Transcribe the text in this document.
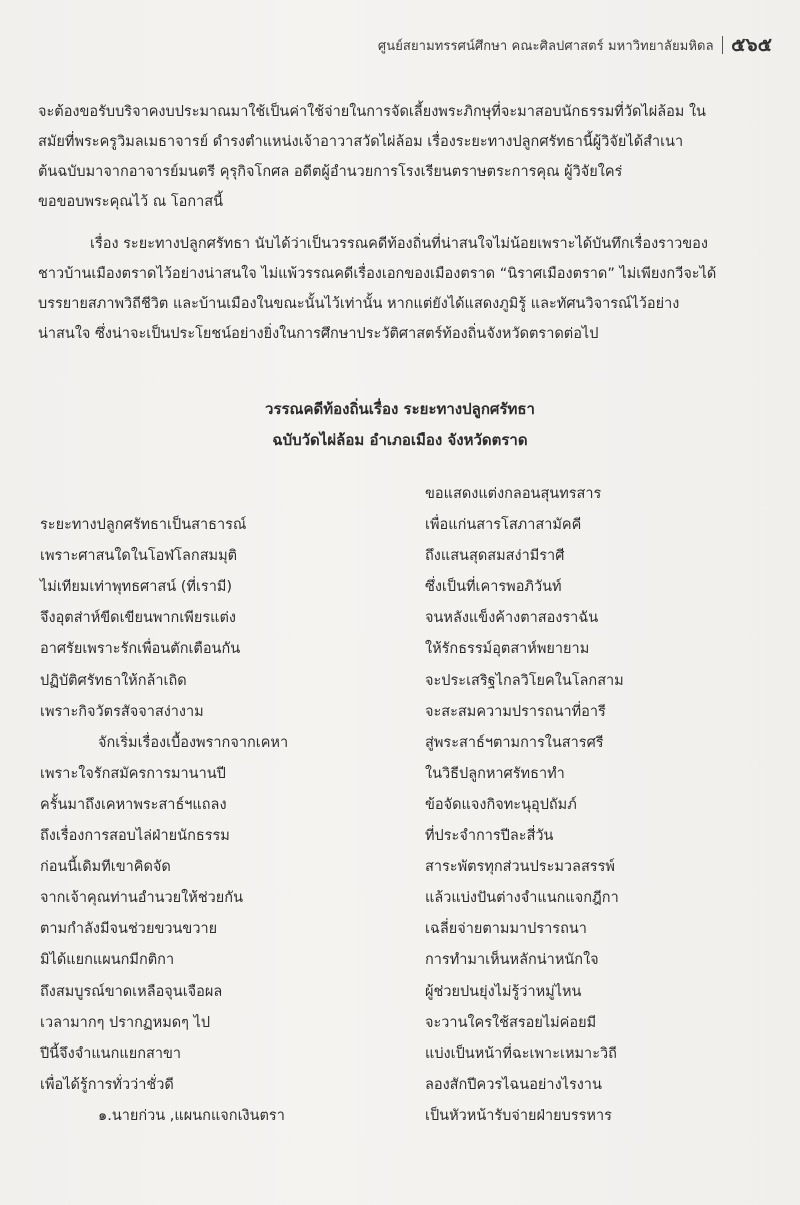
ศูนย์สยามทรรศน์ศึกษา คณะศิลปศาสตร์ มหาวิทยาลัยมหิดล ๕๖๕
จะต้องขอรับบริจาคงบประมาณมาใช้เป็นค่าใช้จ่ายในการจัดเลี้ยงพระภิกษุที่จะมาสอบนักธรรมที่วัดไผ่ล้อม ใน
สมัยที่พระครูวิมลเมธาจารย์ ดำรงตำแหน่งเจ้าอาวาสวัดไผ่ล้อม เรื่องระยะทางปลูกศรัทธานี้ผู้วิจัยได้สำเนา
ต้นฉบับมาจากอาจารย์มนตรี คุรุกิจโกศล อดีตผู้อำนวยการโรงเรียนตราษตระการคุณ ผู้วิจัยใคร่
ขอขอบพระคุณไว้ ณ โอกาสนี้
เรื่อง ระยะทางปลูกศรัทธา นับได้ว่าเป็นวรรณคดีท้องถิ่นที่น่าสนใจไม่น้อยเพราะได้บันทึกเรื่องราวของ
ชาวบ้านเมืองตราดไว้อย่างน่าสนใจ ไม่แพ้วรรณคดีเรื่องเอกของเมืองตราด “นิราศเมืองตราด” ไม่เพียงกวีจะได้
บรรยายสภาพวิถีชีวิต และบ้านเมืองในขณะนั้นไว้เท่านั้น หากแต่ยังได้แสดงภูมิรู้ และทัศนวิจารณ์ไว้อย่าง
น่าสนใจ ซึ่งน่าจะเป็นประโยชน์อย่างยิ่งในการศึกษาประวัติศาสตร์ท้องถิ่นจังหวัดตราดต่อไป
วรรณคดีท้องถิ่นเรื่อง ระยะทางปลูกศรัทธา
ฉบับวัดไผ่ล้อม อำเภอเมือง จังหวัดตราด
ขอแสดงแต่งกลอนสุนทรสาร
ระยะทางปลูกศรัทธาเป็นสาธารณ์	เพื่อแก่นสารโสภาสามัคคี
เพราะศาสนใดในโอฬโลกสมมุติ	ถึงแสนสุดสมสง่ามีราศี
ไม่เทียมเท่าพุทธศาสน์ (ที่เรามี)	ซึ่งเป็นที่เคารพอภิวันท์
จึงอุตส่าห์ขีดเขียนพากเพียรแต่ง	จนหลังแข็งค้างตาสองราฉัน
อาศรัยเพราะรักเพื่อนตักเตือนกัน	ให้รักธรรม์อุตสาห์พยายาม
ปฏิบัติศรัทธาให้กล้าเถิด	จะประเสริฐไกลวิโยคในโลกสาม
เพราะกิจวัตรสัจจาสง่างาม	จะสะสมความปรารถนาที่อารี
จักเริ่มเรื่องเบื้องพรากจากเคหา	สู่พระสาธ์ฯตามการในสารศรี
เพราะใจรักสมัครการมานานปี	ในวิธีปลูกหาศรัทธาทำ
ครั้นมาถึงเคหาพระสาธ์ฯแถลง	ข้อจัดแจงกิจทะนุอุปถัมภ์
ถึงเรื่องการสอบไล่ฝ่ายนักธรรม	ที่ประจำการปีละสี่วัน
ก่อนนี้เดิมทีเขาคิดจัด	สาระพัตรทุกส่วนประมวลสรรพ์
จากเจ้าคุณท่านอำนวยให้ช่วยกัน	แล้วแบ่งปันต่างจำแนกแจกฎีกา
ตามกำลังมีจนช่วยขวนขวาย	เฉลี่ยจ่ายตามมาปรารถนา
มิได้แยกแผนกมีกติกา	การทำมาเห็นหลักน่าหนักใจ
ถึงสมบูรณ์ขาดเหลือจุนเจือผล	ผู้ช่วยปนยุ่งไม่รู้ว่าหมู่ไหน
เวลามากๆ ปรากฏหมดๆ ไป	จะวานใครใช้สรอยไม่ค่อยมี
ปีนี้จึงจำแนกแยกสาขา	แบ่งเป็นหน้าที่ฉะเพาะเหมาะวิถี
เพื่อได้รู้การทั่วว่าชั่วดี	ลองสักปีควรไฉนอย่างไรงาน
๑.นายก่วน ,แผนกแจกเงินตรา	เป็นหัวหน้ารับจ่ายฝ่ายบรรหาร
